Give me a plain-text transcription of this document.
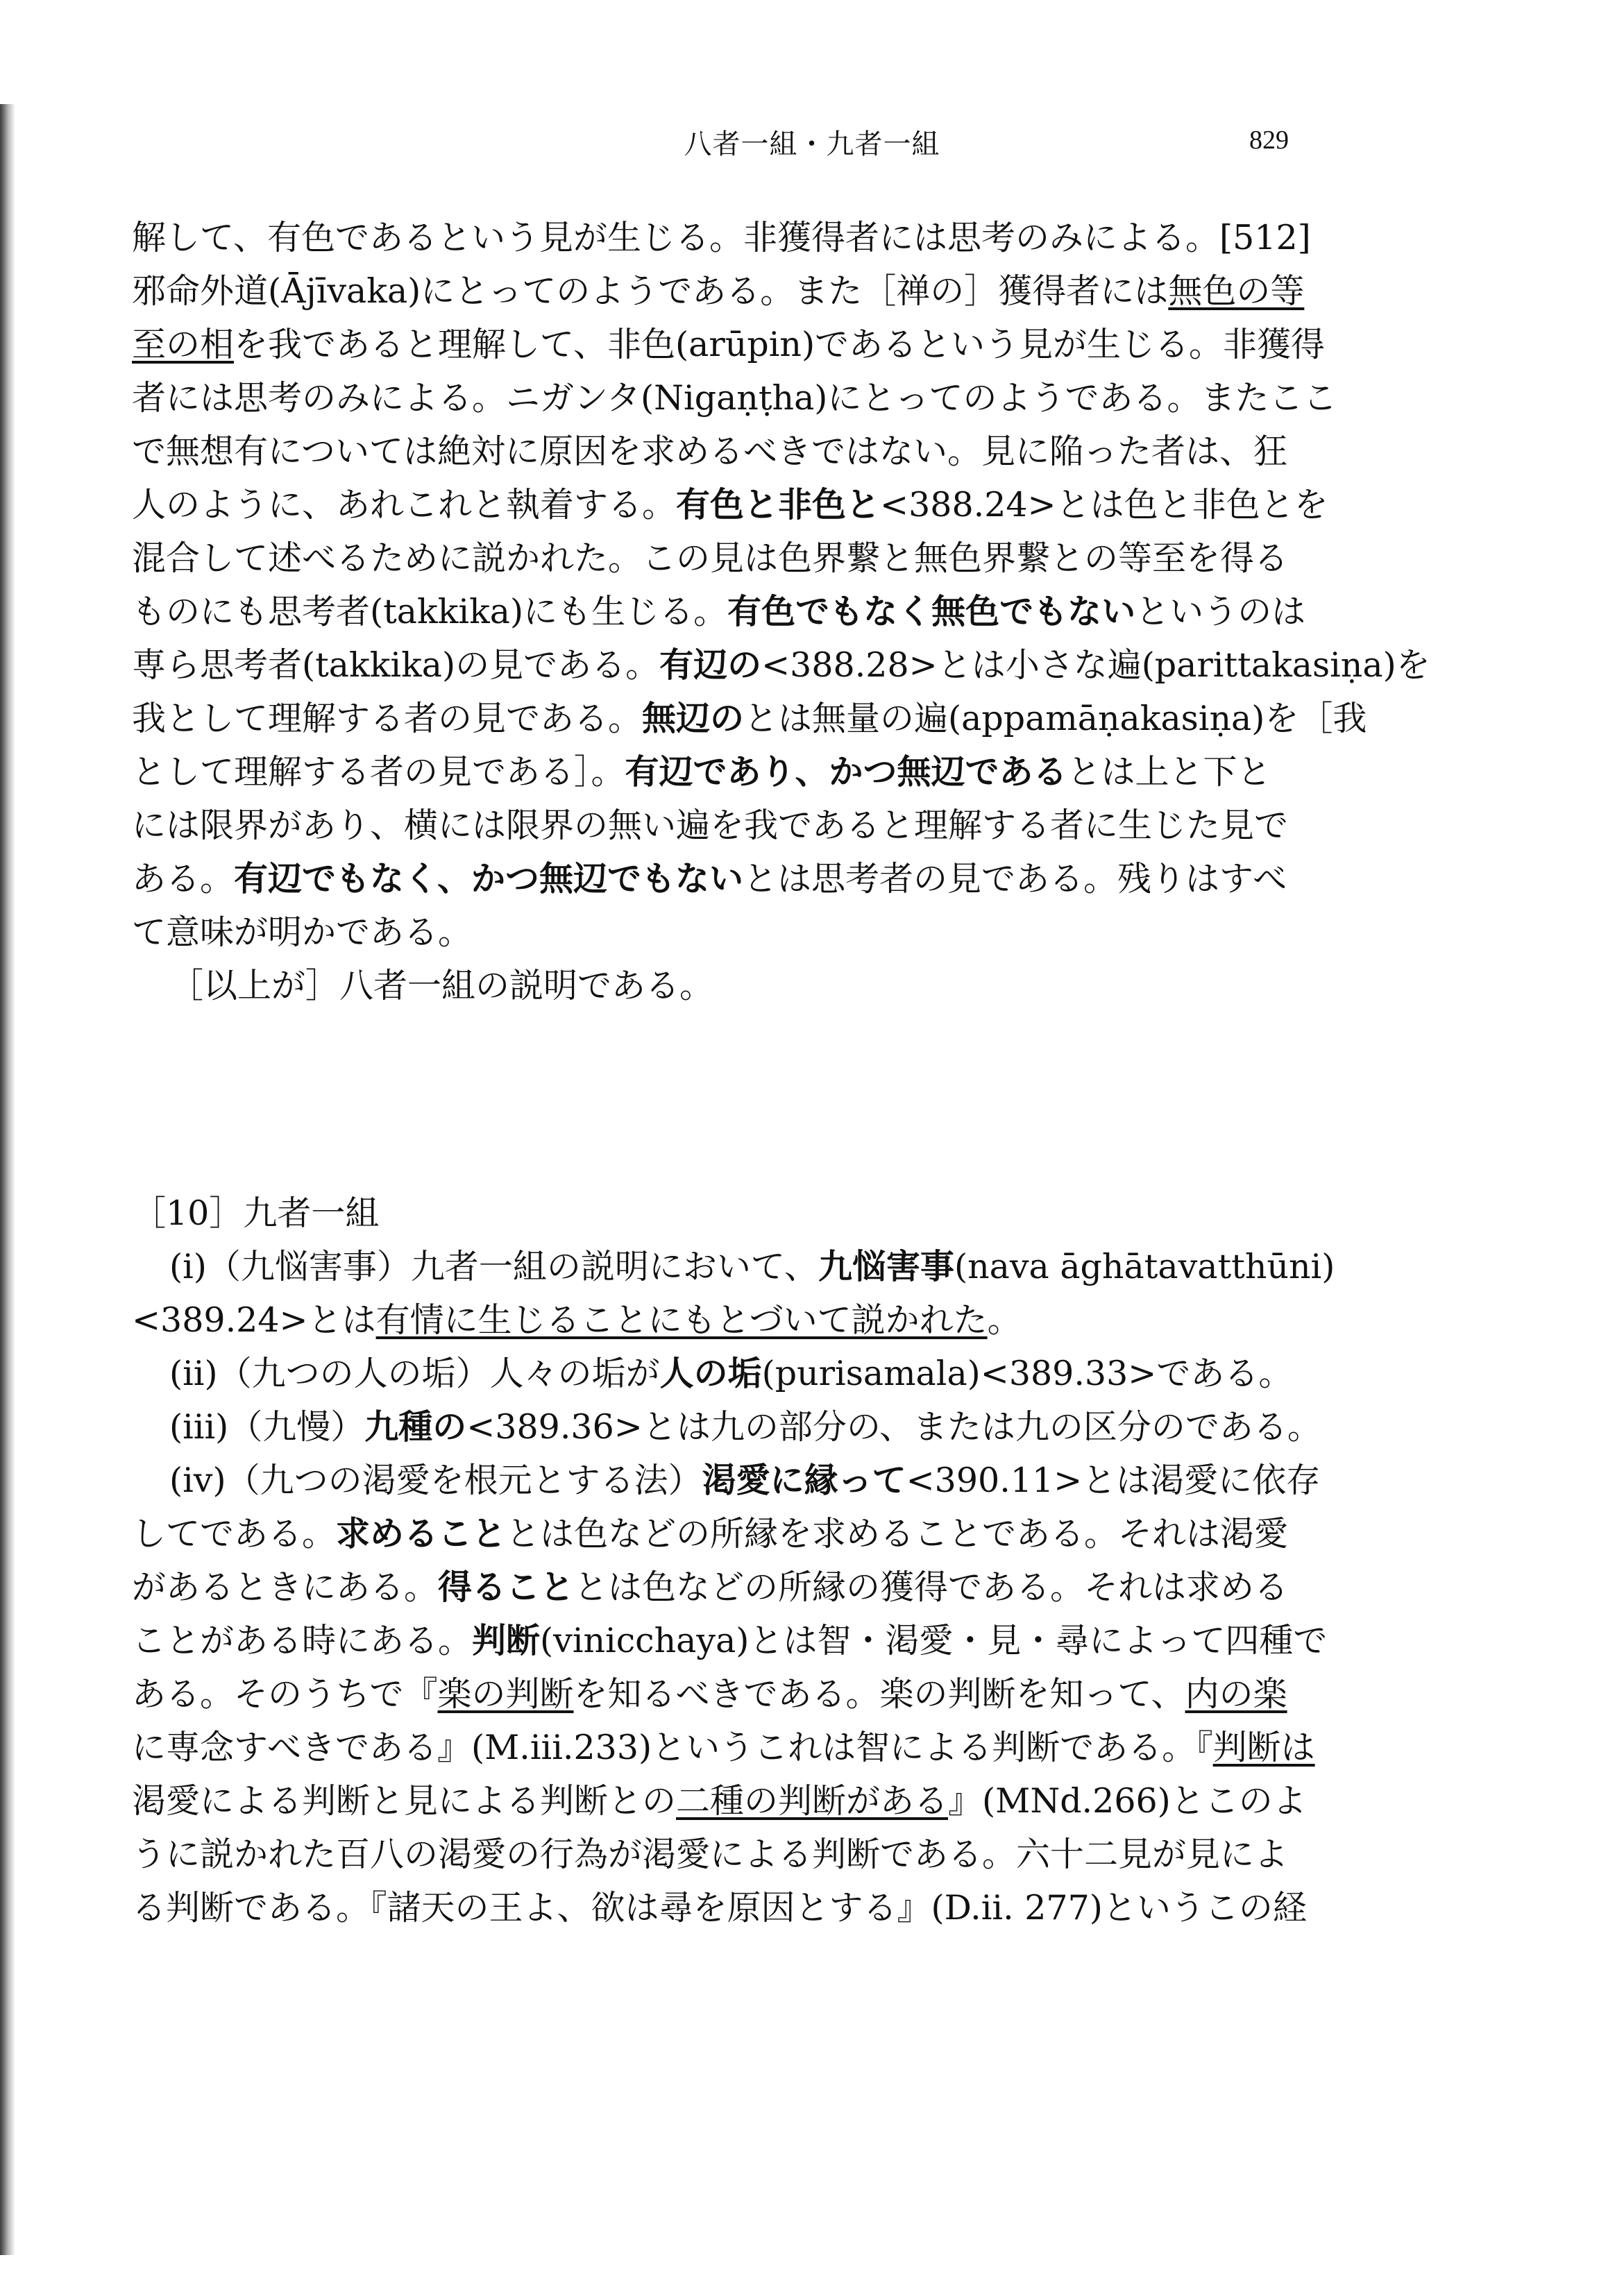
八者一組・九者一組	829
解して、有色であるという見が生じる。非獲得者には思考のみによる。[512]
邪命外道(Ājīvaka)にとってのようである。また［禅の］獲得者には無色の等
至の相を我であると理解して、非色(arūpin)であるという見が生じる。非獲得
者には思考のみによる。ニガンタ(Nigaṇṭha)にとってのようである。またここ
で無想有については絶対に原因を求めるべきではない。見に陥った者は、狂
人のように、あれこれと執着する。有色と非色と<388.24>とは色と非色とを
混合して述べるために説かれた。この見は色界繋と無色界繋との等至を得る
ものにも思考者(takkika)にも生じる。有色でもなく無色でもないというのは
専ら思考者(takkika)の見である。有辺の<388.28>とは小さな遍(parittakasiṇa)を
我として理解する者の見である。無辺のとは無量の遍(appamāṇakasiṇa)を［我
として理解する者の見である］。有辺であり、かつ無辺であるとは上と下と
には限界があり、横には限界の無い遍を我であると理解する者に生じた見で
ある。有辺でもなく、かつ無辺でもないとは思考者の見である。残りはすべ
て意味が明かである。
［以上が］八者一組の説明である。
［10］九者一組
(i)（九悩害事）九者一組の説明において、九悩害事(nava āghātavatthūni)
<389.24>とは有情に生じることにもとづいて説かれた。
(ii)（九つの人の垢）人々の垢が人の垢(purisamala)<389.33>である。
(iii)（九慢）九種の<389.36>とは九の部分の、または九の区分のである。
(iv)（九つの渇愛を根元とする法）渇愛に縁って<390.11>とは渇愛に依存
してである。求めることとは色などの所縁を求めることである。それは渇愛
があるときにある。得ることとは色などの所縁の獲得である。それは求める
ことがある時にある。判断(vinicchaya)とは智・渇愛・見・尋によって四種で
ある。そのうちで『楽の判断を知るべきである。楽の判断を知って、内の楽
に専念すべきである』(M.iii.233)というこれは智による判断である。『判断は
渇愛による判断と見による判断との二種の判断がある』(MNd.266)とこのよ
うに説かれた百八の渇愛の行為が渇愛による判断である。六十二見が見によ
る判断である。『諸天の王よ、欲は尋を原因とする』(D.ii. 277)というこの経
